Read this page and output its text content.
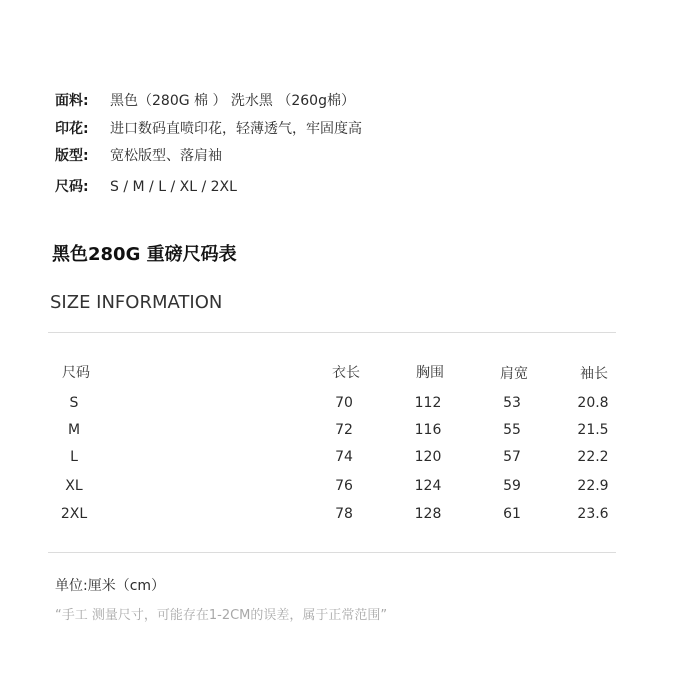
面料: 黑色（280G 棉 ） 洗水黑 （260g棉）
印花: 进口数码直喷印花，轻薄透气，牢固度高
版型: 宽松版型、落肩袖
尺码: S / M / L / XL / 2XL
黑色280G 重磅尺码表
SIZE INFORMATION
尺码	衣长	胸围	肩宽	袖长
S	70	112	53	20.8
M	72	116	55	21.5
L	74	120	57	22.2
XL	76	124	59	22.9
2XL	78	128	61	23.6
单位:厘米（cm）
“手工 测量尺寸，可能存在1-2CM的误差，属于正常范围”
